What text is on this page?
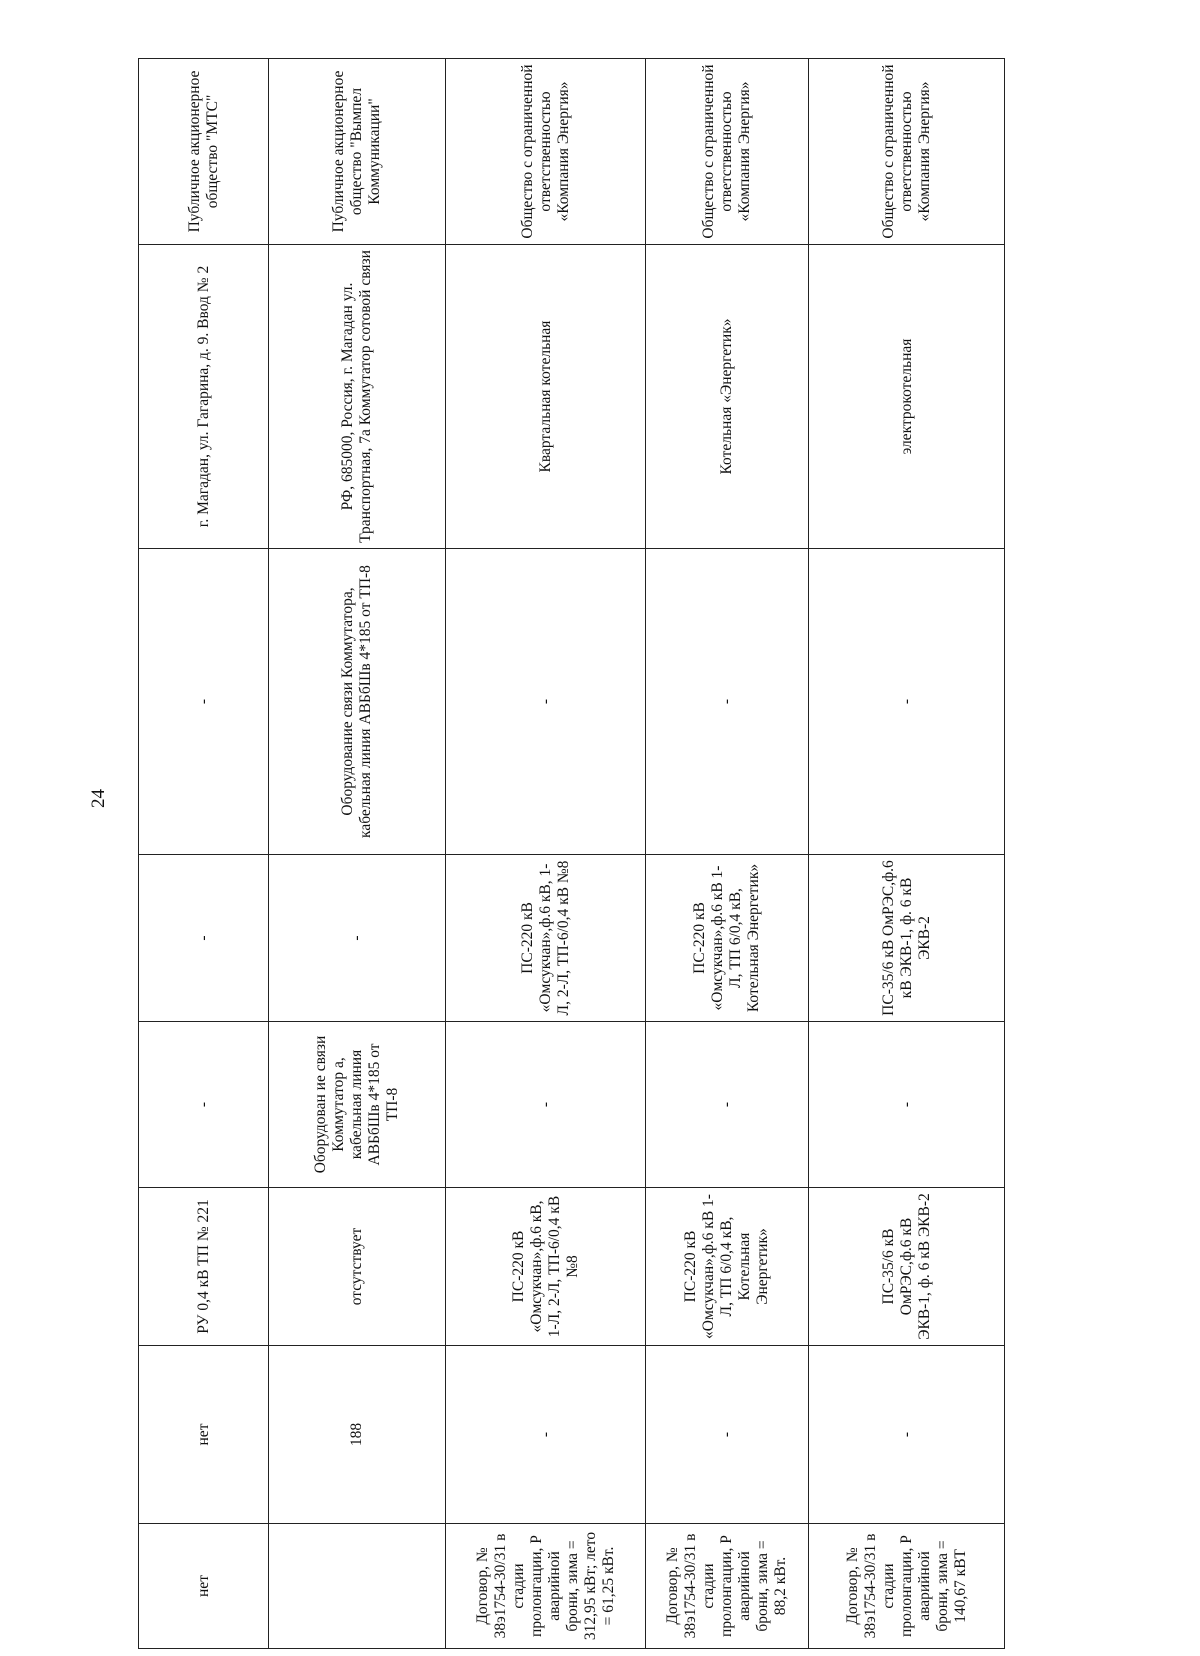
24
нет	нет	РУ 0,4 кВ ТП № 221	-	-	-	г. Магадан, ул. Гагарина, д. 9. Ввод № 2	Публичное акционерное общество "МТС"	
	188	отсутствует	Оборудован ие связи Коммутатор а, кабельная линия АВБбШв 4*185 от ТП-8	-	Оборудование связи Коммутатора, кабельная линия АВБбШв 4*185 от ТП-8	РФ, 685000, Россия, г. Магадан ул. Транспортная, 7а Коммутатор сотовой связи	Публичное акционерное общество "Вымпел Коммуникации"	
Договор, № 38э1754-30/31 в стадии пролонгации, Р аварийной брони, зима = 312,95 кВт; лето = 61,25 кВт.	-	ПС-220 кВ «Омсукчан»,ф.6 кВ, 1-Л, 2-Л, ТП-6/0,4 кВ №8	-	ПС-220 кВ «Омсукчан»,ф.6 кВ, 1-Л, 2-Л, ТП-6/0,4 кВ №8	-	Квартальная котельная	Общество с ограниченной ответственностью «Компания Энергия»	
Договор, № 38э1754-30/31 в стадии пролонгации, Р аварийной брони, зима = 88,2 кВт.	-	ПС-220 кВ «Омсукчан»,ф.6 кВ 1-Л, ТП 6/0,4 кВ, Котельная Энергетик»	-	ПС-220 кВ «Омсукчан»,ф.6 кВ 1-Л, ТП 6/0,4 кВ, Котельная Энергетик»	-	Котельная «Энергетик»	Общество с ограниченной ответственностью «Компания Энергия»	
Договор, № 38э1754-30/31 в стадии пролонгации, Р аварийной брони, зима = 140,67 кВТ	-	ПС-35/6 кВ ОмРЭС,ф.6 кВ ЭКВ-1, ф. 6 кВ ЭКВ-2	-	ПС-35/6 кВ ОмРЭС,ф.6 кВ ЭКВ-1, ф. 6 кВ ЭКВ-2	-	электрокотельная	Общество с ограниченной ответственностью «Компания Энергия»	
